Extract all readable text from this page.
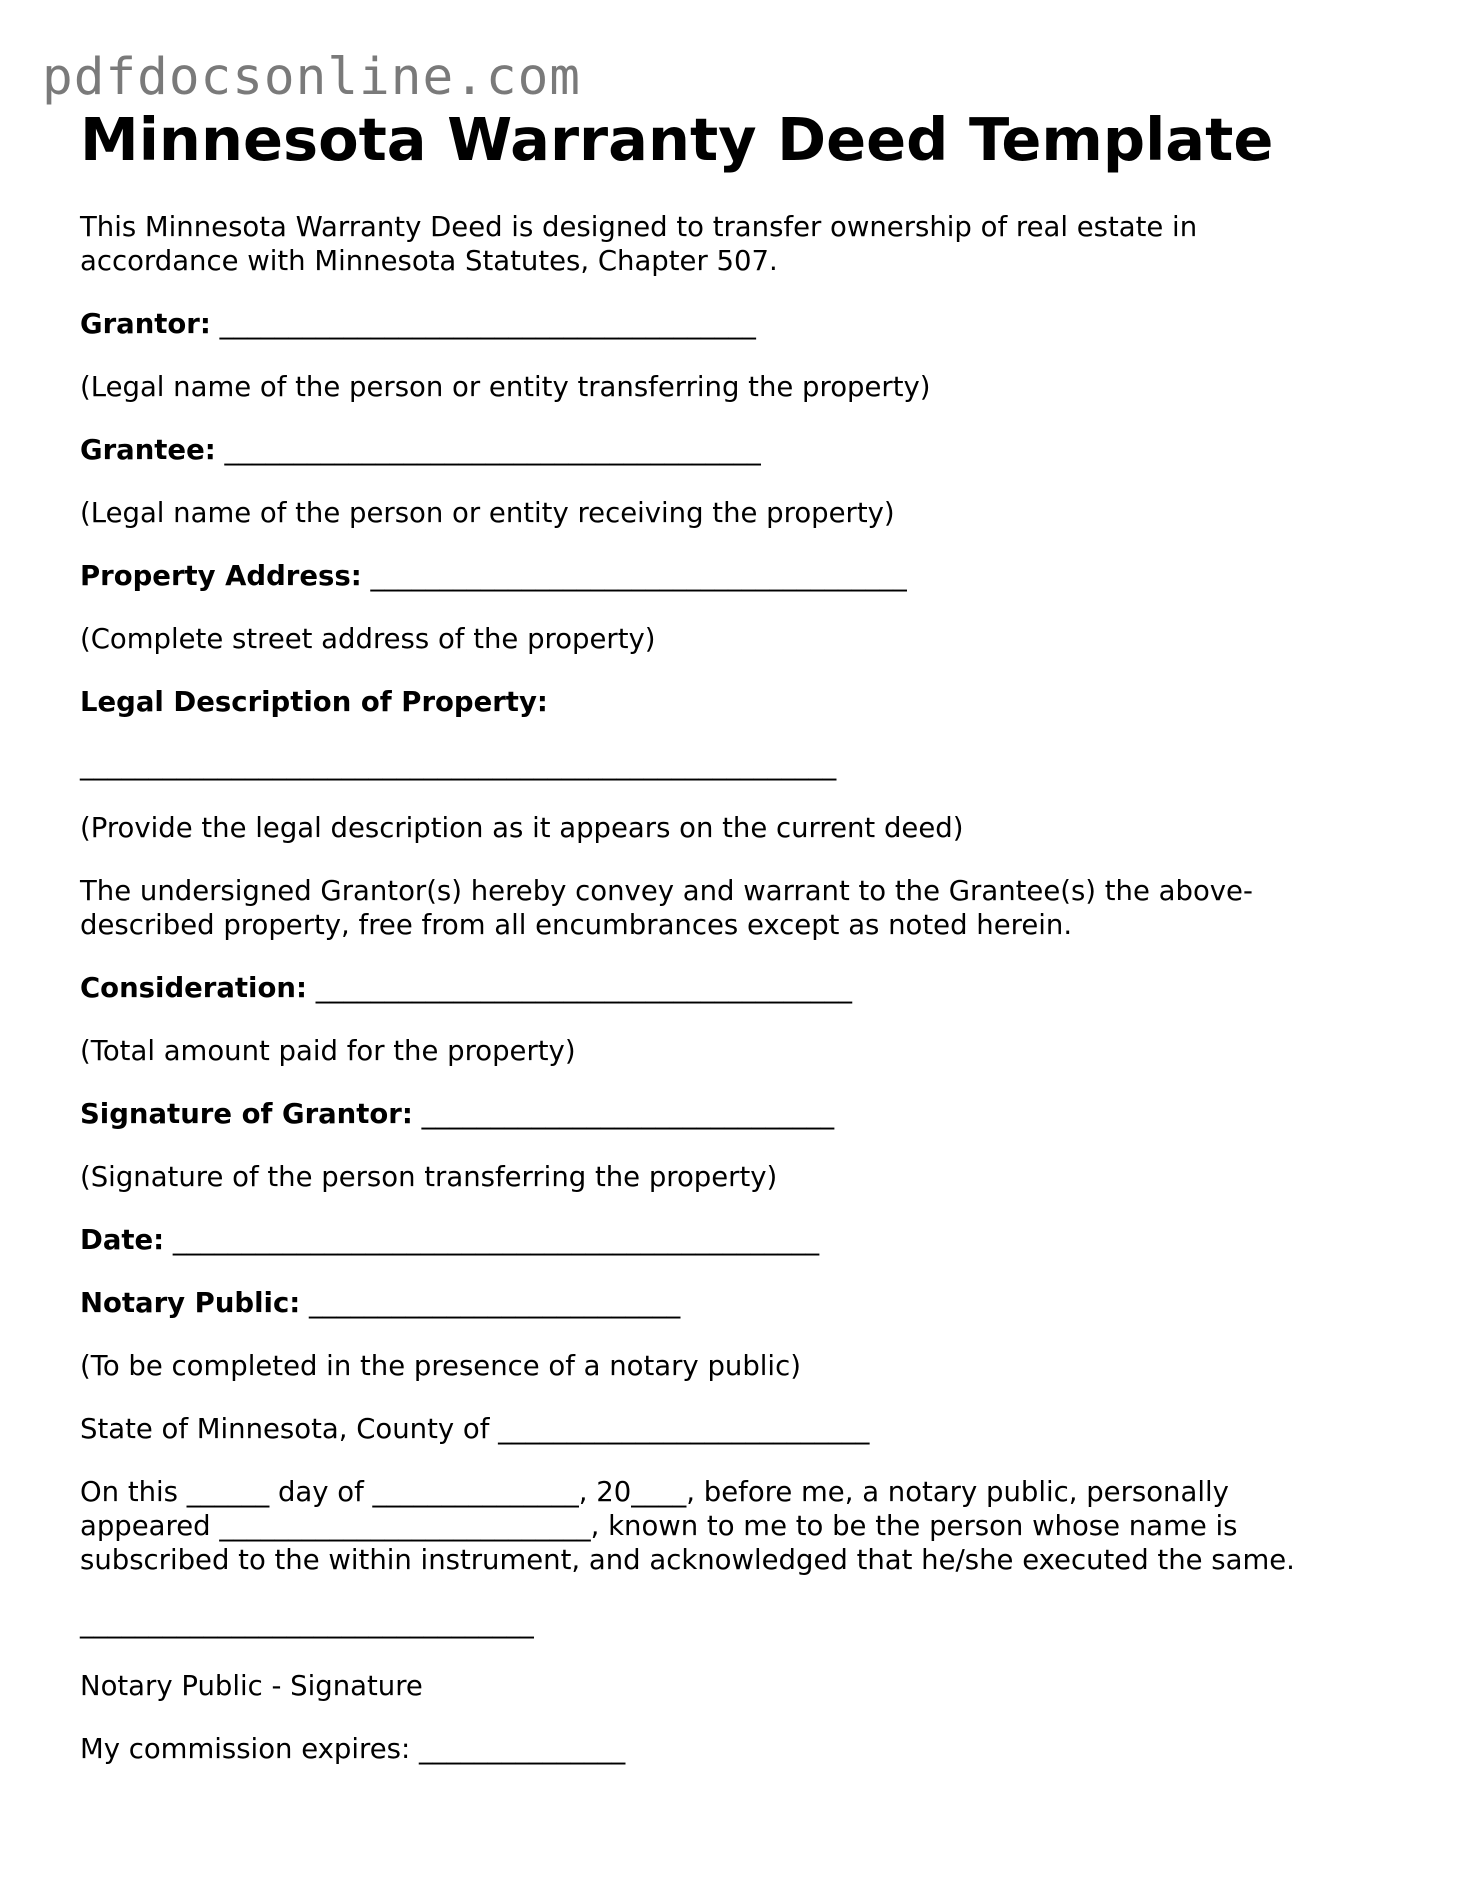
pdfdocsonline.com
Minnesota Warranty Deed Template

This Minnesota Warranty Deed is designed to transfer ownership of real estate in
accordance with Minnesota Statutes, Chapter 507.

Grantor: _______________________________________

(Legal name of the person or entity transferring the property)

Grantee: _______________________________________

(Legal name of the person or entity receiving the property)

Property Address: _______________________________________

(Complete street address of the property)

Legal Description of Property:

_______________________________________________________

(Provide the legal description as it appears on the current deed)

The undersigned Grantor(s) hereby convey and warrant to the Grantee(s) the above-
described property, free from all encumbrances except as noted herein.

Consideration: _______________________________________

(Total amount paid for the property)

Signature of Grantor: ______________________________

(Signature of the person transferring the property)

Date: _______________________________________________

Notary Public: ___________________________

(To be completed in the presence of a notary public)

State of Minnesota, County of ___________________________

On this ______ day of _______________, 20____, before me, a notary public, personally
appeared ___________________________, known to me to be the person whose name is
subscribed to the within instrument, and acknowledged that he/she executed the same.

_________________________________

Notary Public - Signature

My commission expires: _______________
